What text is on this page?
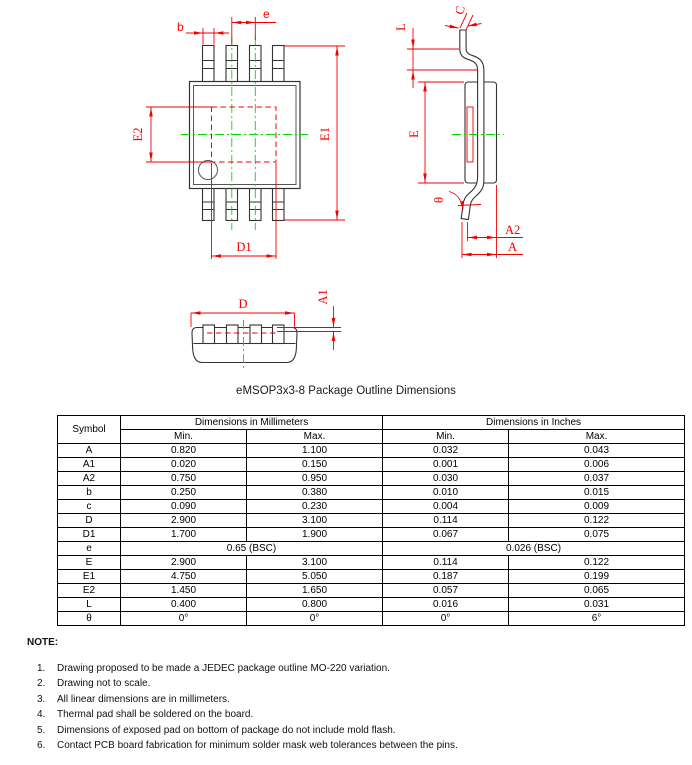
b
e
E2	E1
D1
E
L
C
θ
A2
A
D	A1
eMSOP3x3-8 Package Outline Dimensions
Symbol	Dimensions in Millimeters		Dimensions in Inches	
	Min.	Max.	Min.	Max.
A	0.820	1.100	0.032	0.043
A1	0.020	0.150	0.001	0.006
A2	0.750	0.950	0.030	0.037
b	0.250	0.380	0.010	0.015
c	0.090	0.230	0.004	0.009
D	2.900	3.100	0.114	0.122
D1	1.700	1.900	0.067	0.075
e	0.65 (BSC)		0.026 (BSC)	
E	2.900	3.100	0.114	0.122
E1	4.750	5.050	0.187	0.199
E2	1.450	1.650	0.057	0.065
L	0.400	0.800	0.016	0.031
θ	0°	0°	0°	6°
NOTE:
1. Drawing proposed to be made a JEDEC package outline MO-220 variation.
2. Drawing not to scale.
3. All linear dimensions are in millimeters.
4. Thermal pad shall be soldered on the board.
5. Dimensions of exposed pad on bottom of package do not include mold flash.
6. Contact PCB board fabrication for minimum solder mask web tolerances between the pins.
